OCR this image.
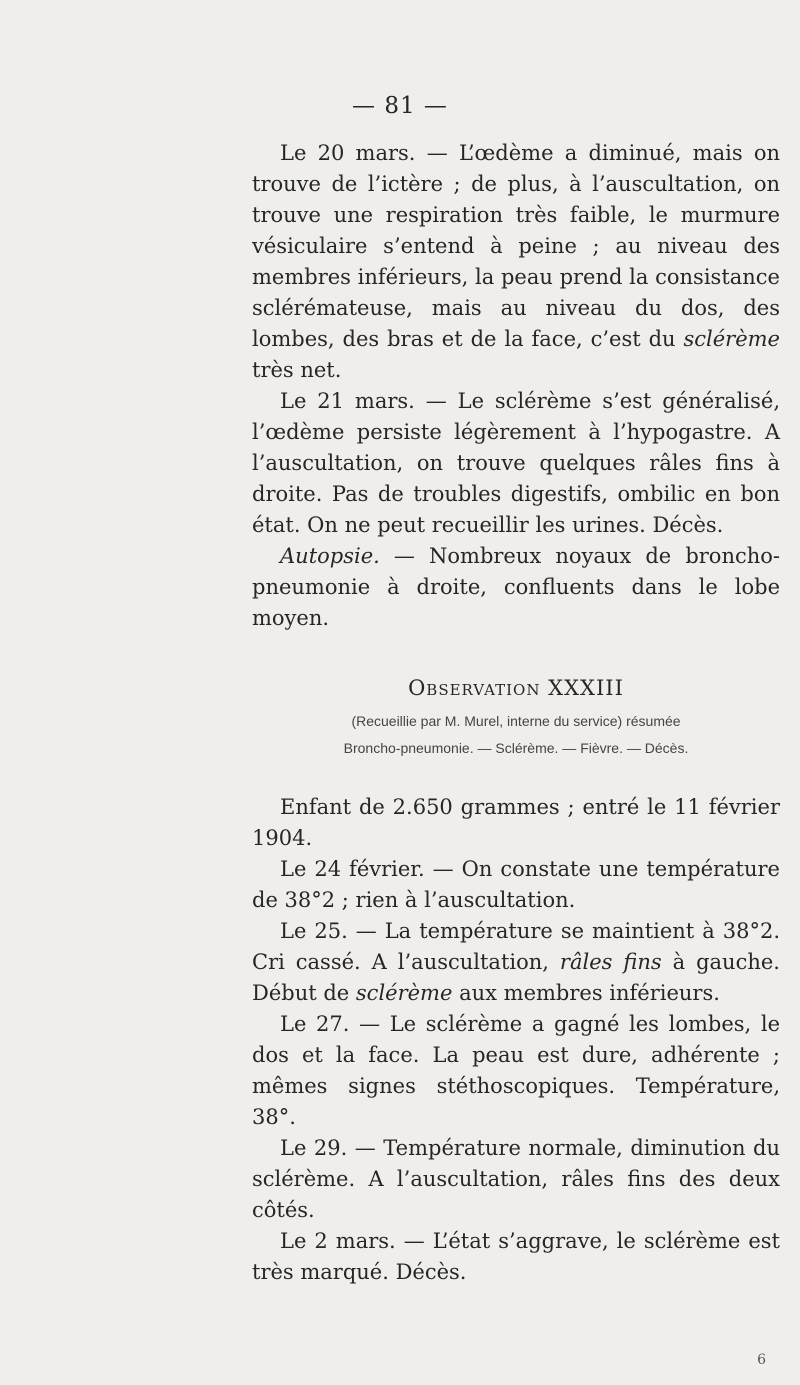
— 81 —

Le 20 mars. — L’œdème a diminué, mais on trouve de l’ictère ; de plus, à l’auscultation, on trouve une respiration très faible, le murmure vésiculaire s’entend à peine ; au niveau des membres inférieurs, la peau prend la consistance sclérémateuse, mais au niveau du dos, des lombes, des bras et de la face, c’est du sclérème très net.

Le 21 mars. — Le sclérème s’est généralisé, l’œdème persiste légèrement à l’hypogastre. A l’auscultation, on trouve quelques râles fins à droite. Pas de troubles digestifs, ombilic en bon état. On ne peut recueillir les urines. Décès.

Autopsie. — Nombreux noyaux de broncho-pneumonie à droite, confluents dans le lobe moyen.

Observation XXXIII

(Recueillie par M. Murel, interne du service) résumée

Broncho-pneumonie. — Sclérème. — Fièvre. — Décès.

Enfant de 2.650 grammes ; entré le 11 février 1904.

Le 24 février. — On constate une température de 38°2 ; rien à l’auscultation.

Le 25. — La température se maintient à 38°2. Cri cassé. A l’auscultation, râles fins à gauche. Début de sclérème aux membres inférieurs.

Le 27. — Le sclérème a gagné les lombes, le dos et la face. La peau est dure, adhérente ; mêmes signes stéthoscopiques. Température, 38°.

Le 29. — Température normale, diminution du sclérème. A l’auscultation, râles fins des deux côtés.

Le 2 mars. — L’état s’aggrave, le sclérème est très marqué. Décès.

6
